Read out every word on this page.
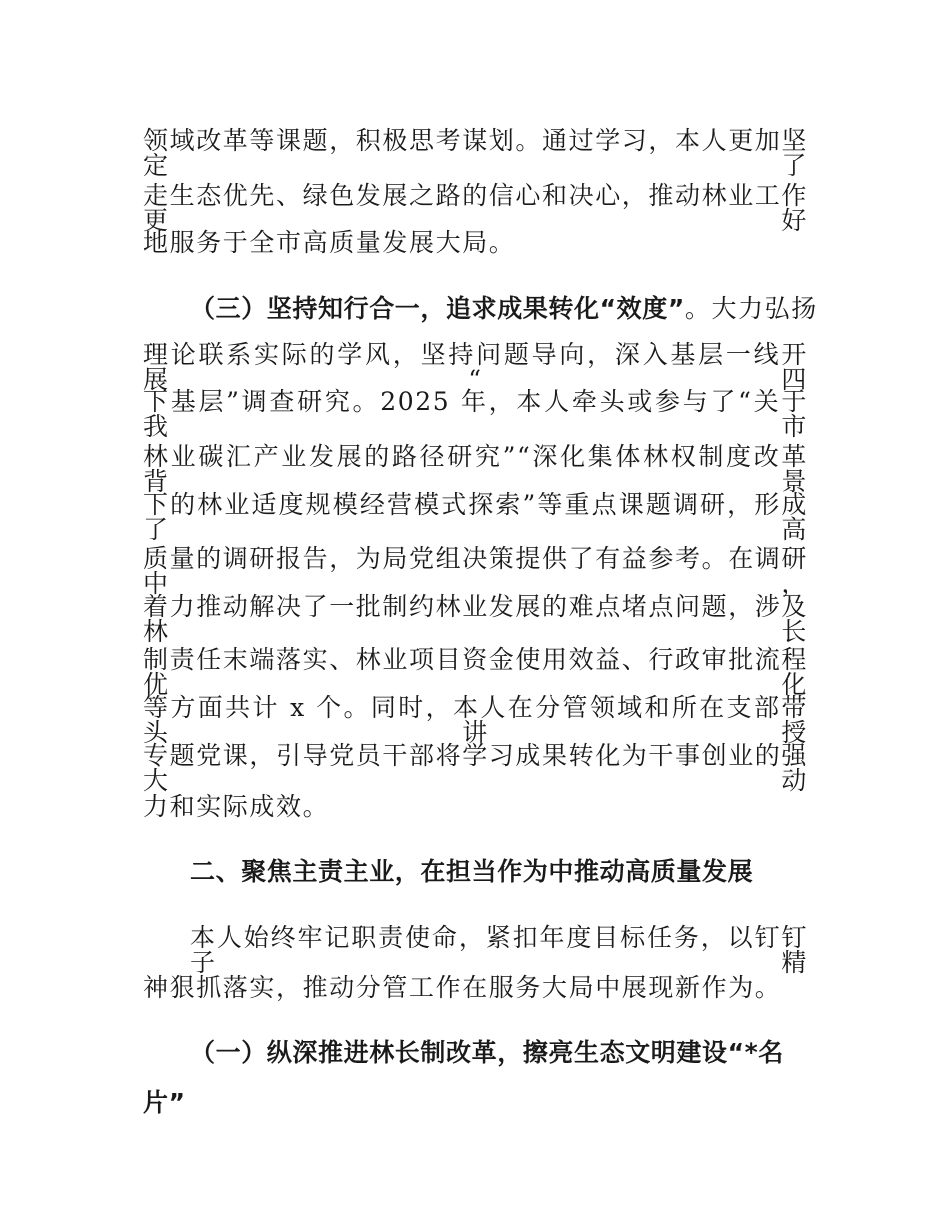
领域改革等课题，积极思考谋划。通过学习，本人更加坚定了
走生态优先、绿色发展之路的信心和决心，推动林业工作更好
地服务于全市高质量发展大局。
（三）坚持知行合一，追求成果转化“效度”。大力弘扬
理论联系实际的学风，坚持问题导向，深入基层一线开展“四
下基层”调查研究。2025 年，本人牵头或参与了“关于我市
林业碳汇产业发展的路径研究”“深化集体林权制度改革背景
下的林业适度规模经营模式探索”等重点课题调研，形成了高
质量的调研报告，为局党组决策提供了有益参考。在调研中，
着力推动解决了一批制约林业发展的难点堵点问题，涉及林长
制责任末端落实、林业项目资金使用效益、行政审批流程优化
等方面共计 x 个。同时，本人在分管领域和所在支部带头讲授
专题党课，引导党员干部将学习成果转化为干事创业的强大动
力和实际成效。
二、聚焦主责主业，在担当作为中推动高质量发展
本人始终牢记职责使命，紧扣年度目标任务，以钉钉子精
神狠抓落实，推动分管工作在服务大局中展现新作为。
（一）纵深推进林长制改革，擦亮生态文明建设“*名
片”
